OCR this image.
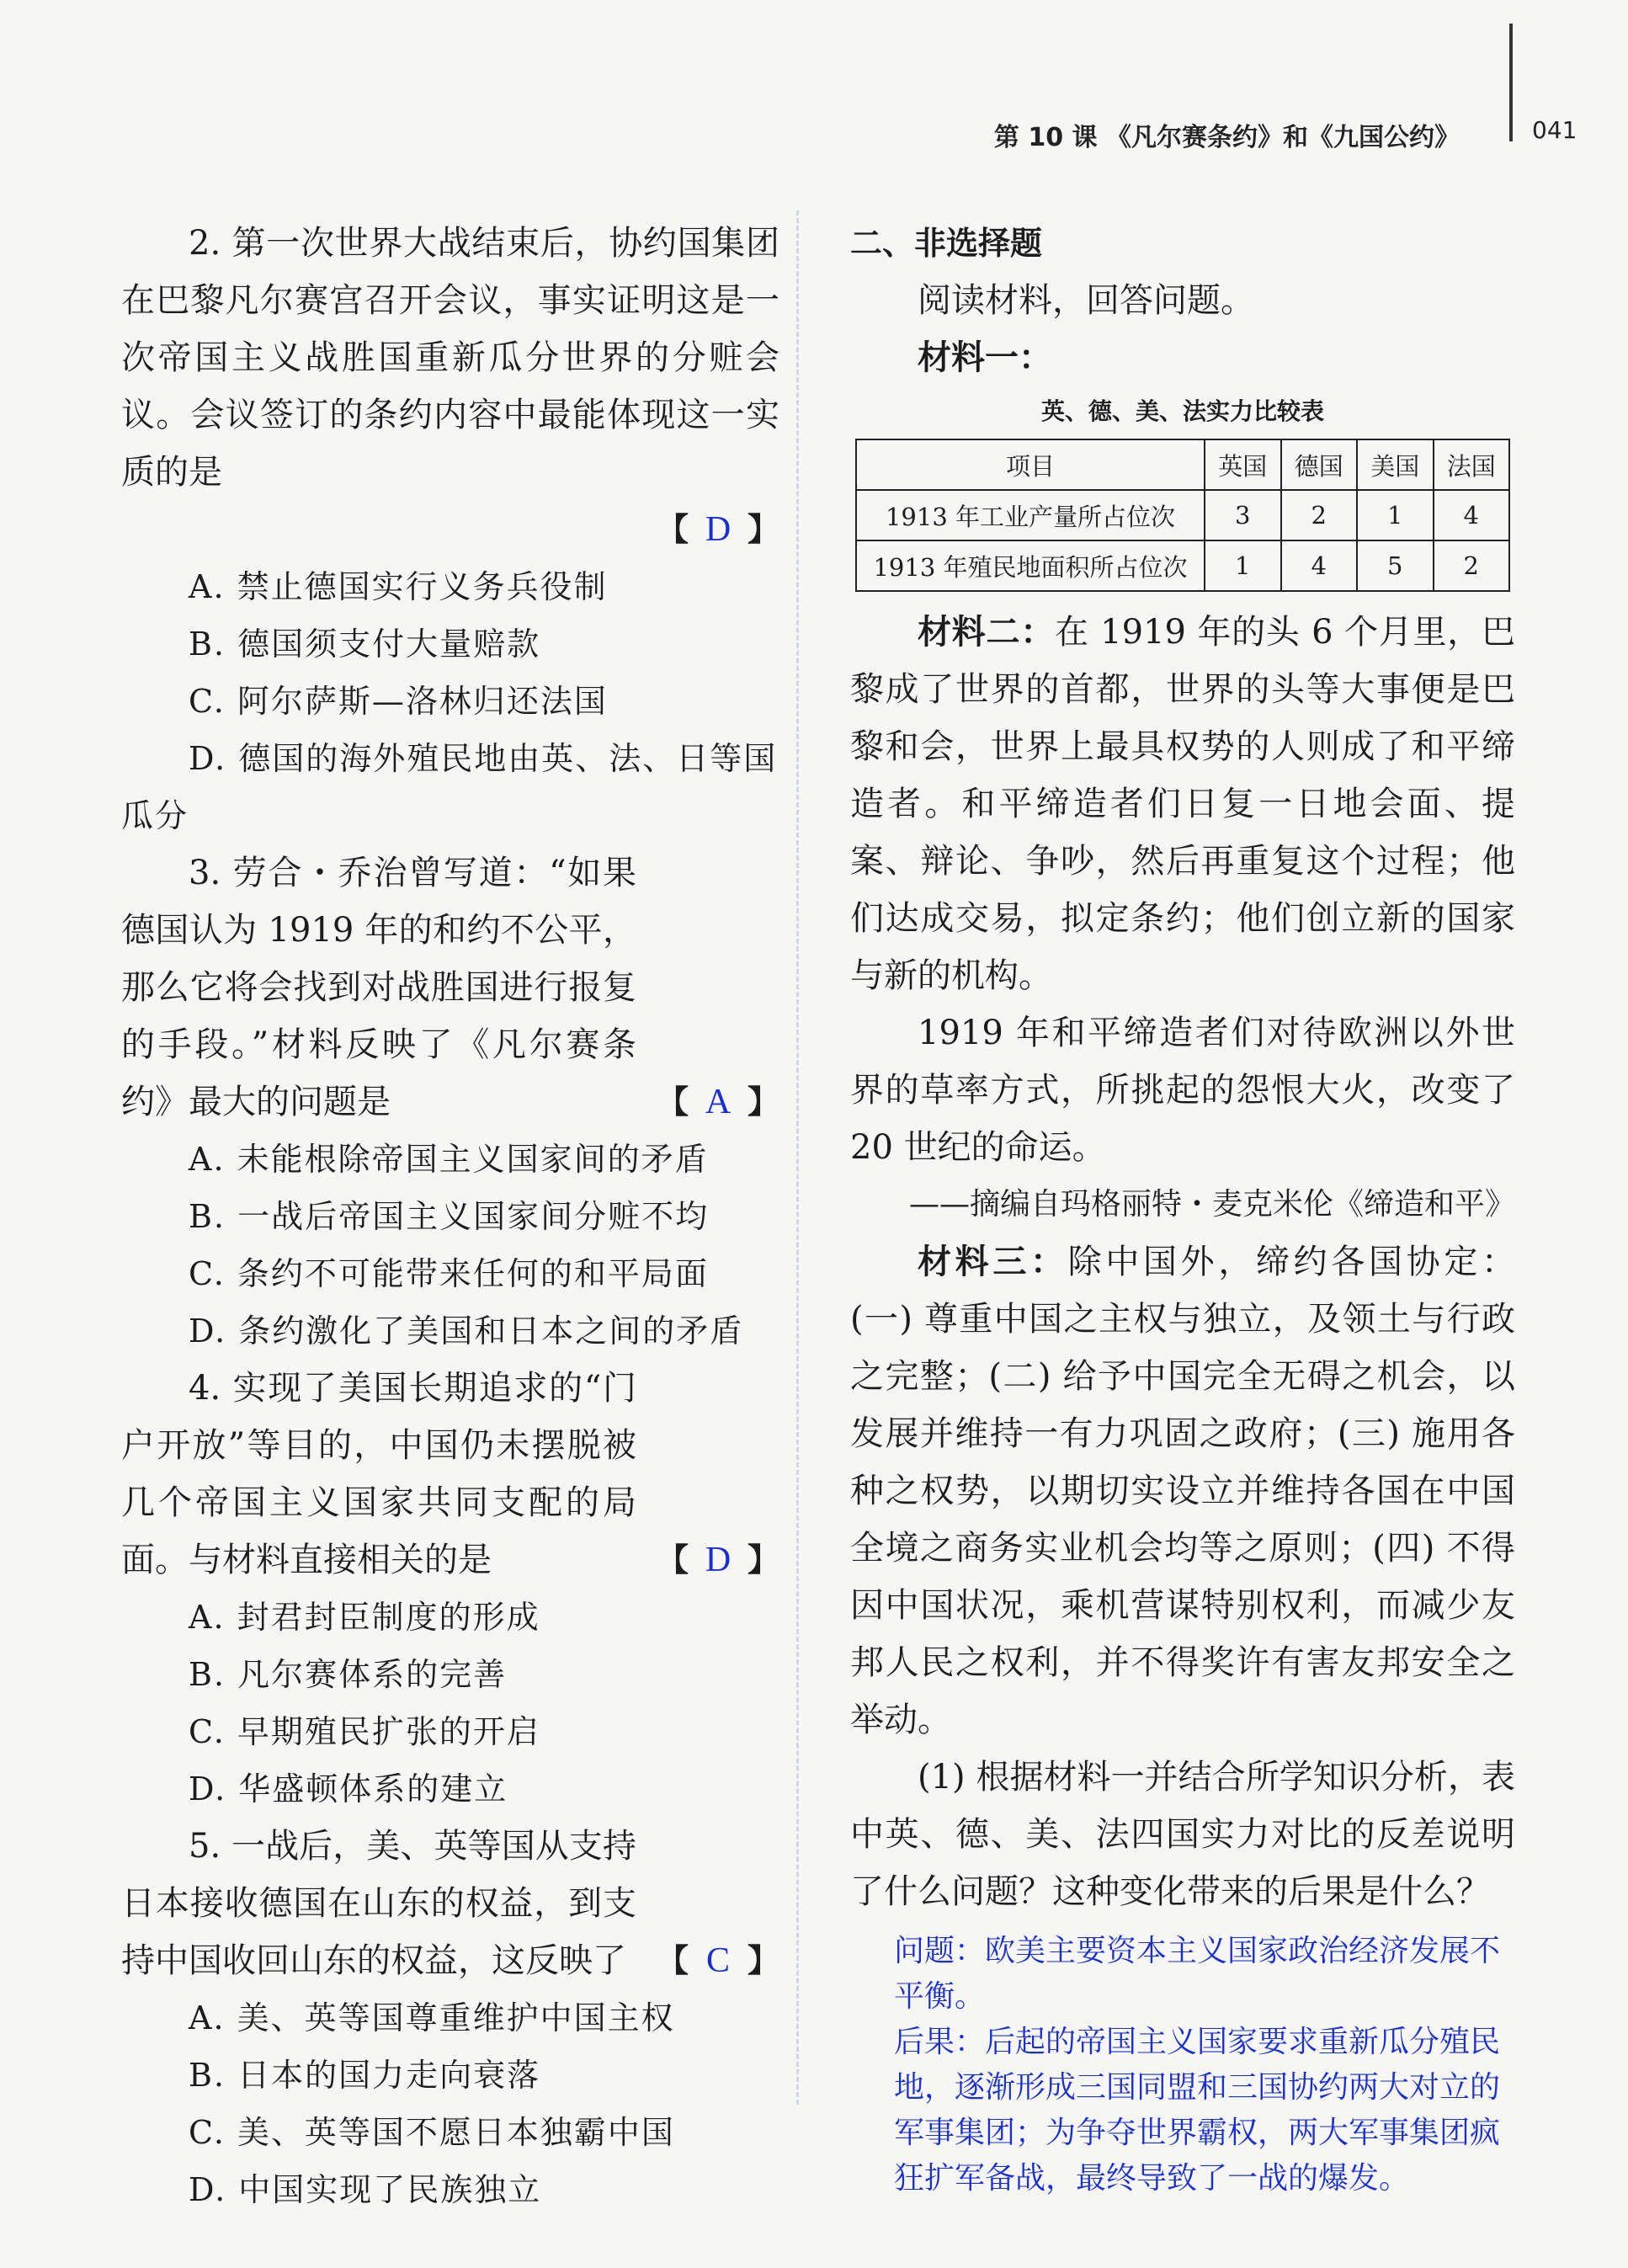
第 10 课 《凡尔赛条约》和《九国公约》	041

2. 第一次世界大战结束后，协约国集团在巴黎凡尔赛宫召开会议，事实证明这是一次帝国主义战胜国重新瓜分世界的分赃会议。会议签订的条约内容中最能体现这一实质的是

【 D 】

A. 禁止德国实行义务兵役制

B. 德国须支付大量赔款

C. 阿尔萨斯—洛林归还法国

D. 德国的海外殖民地由英、法、日等国瓜分

3. 劳合・乔治曾写道：“如果德国认为 1919 年的和约不公平，那么它将会找到对战胜国进行报复的手段。”材料反映了《凡尔赛条约》最大的问题是	【 A 】

A. 未能根除帝国主义国家间的矛盾

B. 一战后帝国主义国家间分赃不均

C. 条约不可能带来任何的和平局面

D. 条约激化了美国和日本之间的矛盾

4. 实现了美国长期追求的“门户开放”等目的，中国仍未摆脱被几个帝国主义国家共同支配的局面。与材料直接相关的是	【 D 】

A. 封君封臣制度的形成

B. 凡尔赛体系的完善

C. 早期殖民扩张的开启

D. 华盛顿体系的建立

5. 一战后，美、英等国从支持日本接收德国在山东的权益，到支持中国收回山东的权益，这反映了 【 C 】

A. 美、英等国尊重维护中国主权

B. 日本的国力走向衰落

C. 美、英等国不愿日本独霸中国

D. 中国实现了民族独立

二、非选择题

阅读材料，回答问题。

材料一：

英、德、美、法实力比较表
项目	英国	德国	美国	法国
1913 年工业产量所占位次	3	2	1	4
1913 年殖民地面积所占位次	1	4	5	2

材料二：在 1919 年的头 6 个月里，巴黎成了世界的首都，世界的头等大事便是巴黎和会，世界上最具权势的人则成了和平缔造者。和平缔造者们日复一日地会面、提案、辩论、争吵，然后再重复这个过程；他们达成交易，拟定条约；他们创立新的国家与新的机构。

1919 年和平缔造者们对待欧洲以外世界的草率方式，所挑起的怨恨大火，改变了 20 世纪的命运。

——摘编自玛格丽特・麦克米伦《缔造和平》

材料三：除中国外，缔约各国协定：(一) 尊重中国之主权与独立，及领土与行政之完整；(二) 给予中国完全无碍之机会，以发展并维持一有力巩固之政府；(三) 施用各种之权势，以期切实设立并维持各国在中国全境之商务实业机会均等之原则；(四) 不得因中国状况，乘机营谋特别权利，而减少友邦人民之权利，并不得奖许有害友邦安全之举动。

(1) 根据材料一并结合所学知识分析，表中英、德、美、法四国实力对比的反差说明了什么问题？这种变化带来的后果是什么？

问题：欧美主要资本主义国家政治经济发展不平衡。

后果：后起的帝国主义国家要求重新瓜分殖民地，逐渐形成三国同盟和三国协约两大对立的军事集团；为争夺世界霸权，两大军事集团疯狂扩军备战，最终导致了一战的爆发。
